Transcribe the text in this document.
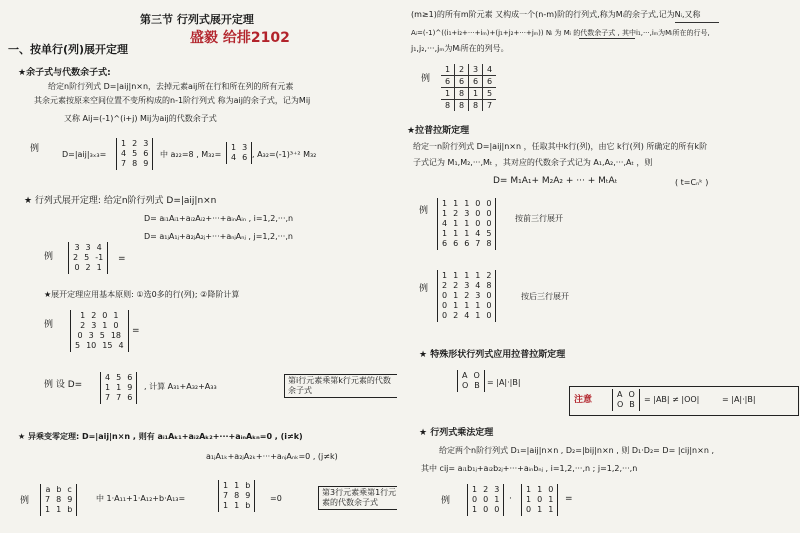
第三节 行列式展开定理
盛毅 给排2102
一、按单行(列)展开定理
★余子式与代数余子式:
给定n阶行列式 D=|aij|n×n，去掉元素aij所在行和所在列的所有元素
其余元素按原来空间位置不变所构成的n-1阶行列式 称为aij的余子式，记为Mij
又称 Aij=(-1)^(i+j) Mij为aij的代数余子式
例
D=|aij|₃ₓ₃=
1 2 3
4 5 6
7 8 9
中 a₂₂=8 , M₃₂=
1 3
4 6 , A₃₂=(-1)³⁺² M₃₂
★ 行列式展开定理: 给定n阶行列式 D=|aij|n×n
D= aᵢ₁Aᵢ₁+aᵢ₂Aᵢ₂+···+aᵢₙAᵢₙ , i=1,2,···,n
D= a₁ⱼA₁ⱼ+a₂ⱼA₂ⱼ+···+aₙⱼAₙⱼ , j=1,2,···,n
例
3 3 4
2 5 -1
0 2 1
=
★展开定理应用基本原则: ①选0多的行(列); ②降阶计算
例
1 2 0 1
2 3 1 0
0 3 5 18
5 10 15 4
=
例 设 D=
4 5 6
1 1 9
7 7 6
, 计算 A₃₁+A₃₂+A₃₃
第i行元素乘第k行元素的代数余子式
★ 异乘变零定理: D=|aij|n×n , 则有 aᵢ₁Aₖ₁+aᵢ₂Aₖ₂+···+aᵢₙAₖₙ=0 , (i≠k)
a₁ⱼA₁ₖ+a₂ⱼA₂ₖ+···+aₙⱼAₙₖ=0 , (j≠k)
例
a b c
7 8 9
1 1 b
中 1·A₁₁+1·A₁₂+b·A₁₃=
1 1 b
7 8 9
1 1 b
=0
第3行元素乘第1行元素的代数余子式
(m≥1)的所有m阶元素 又构成一个(n-m)阶的行列式,称为Mᵢ的余子式,记为Nᵢ,又称
Aᵢ=(-1)^((i₁+i₂+···+iₘ)+(j₁+j₂+···+jₘ)) Nᵢ 为 Mᵢ 的代数余子式 , 其中i₁,···,iₘ为Mᵢ所在的行号,
j₁,j₂,···,jₘ为Mᵢ所在的列号。
例
1	2	3	4
6	6	6	6
1	8	1	5
8	8	8	7
★拉普拉斯定理
给定一n阶行列式 D=|aij|n×n ，任取其中k行(列)，由它 k行(列) 所确定的所有k阶
子式记为 M₁,M₂,···,Mₜ ，其对应的代数余子式记为 A₁,A₂,···,Aₜ ，则
D= M₁A₁+ M₂A₂ + ··· + MₜAₜ	( t=Cₙᵏ )
例
1 1 1 0 0
1 2 3 0 0
4 1 1 0 0
1 1 1 4 5
6 6 6 7 8
按前三行展开
例
1 1 1 1 2
2 2 3 4 8
0 1 2 3 0
0 1 1 1 0
0 2 4 1 0
按后三行展开
★ 特殊形状行列式应用拉普拉斯定理
A O
O B = |A|·|B|
注意
A O
O B
= |AB| ≠ |OO|	= |A|·|B|
★ 行列式乘法定理
给定两个n阶行列式 D₁=|aij|n×n , D₂=|bij|n×n , 则 D₁·D₂= D= |cij|n×n ,
其中 cij= aᵢ₁b₁ⱼ+aᵢ₂b₂ⱼ+···+aᵢₙbₙⱼ , i=1,2,···,n ; j=1,2,···,n
例
1 2 3
0 0 1
1 0 0
·
1 1 0
1 0 1
0 1 1
=
